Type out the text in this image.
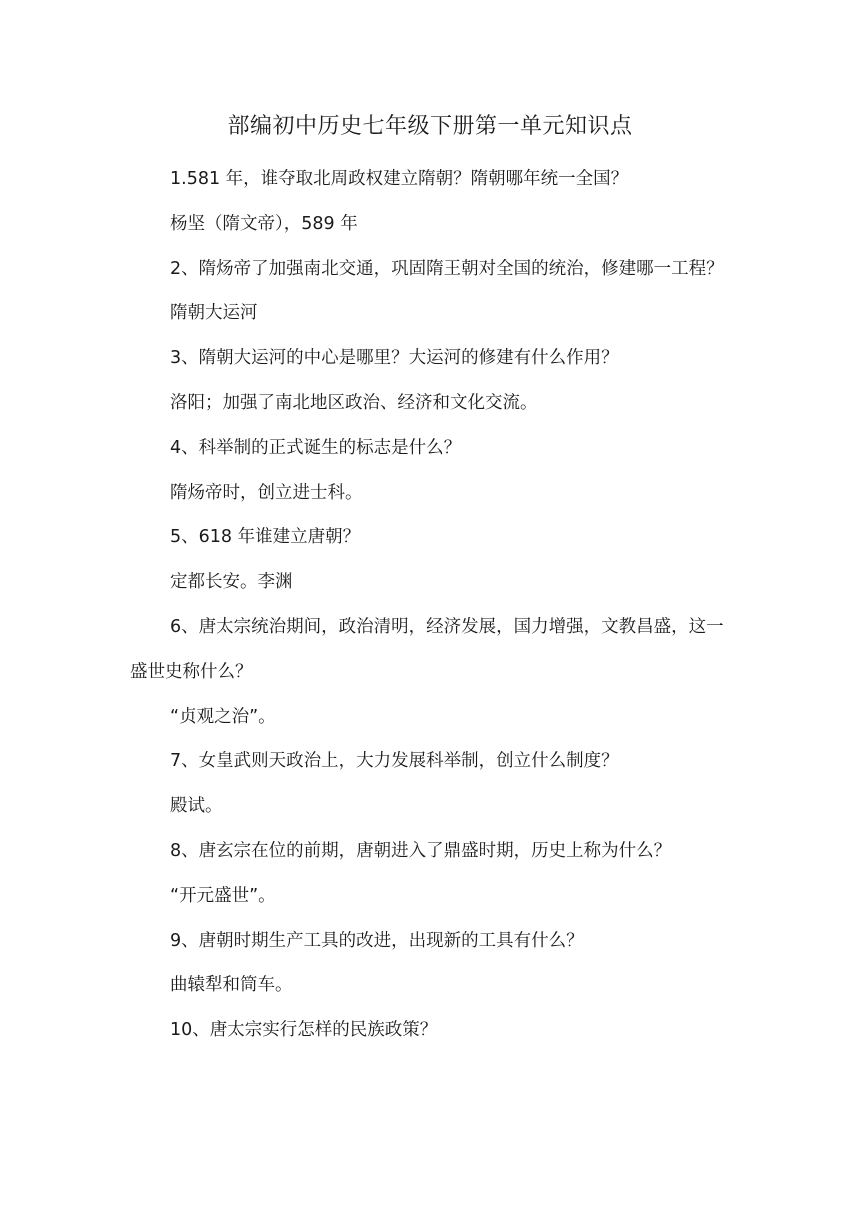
部编初中历史七年级下册第一单元知识点

1.581 年，谁夺取北周政权建立隋朝？隋朝哪年统一全国？

杨坚（隋文帝），589 年

2、隋炀帝了加强南北交通，巩固隋王朝对全国的统治，修建哪一工程？

隋朝大运河

3、隋朝大运河的中心是哪里？大运河的修建有什么作用？

洛阳；加强了南北地区政治、经济和文化交流。

4、科举制的正式诞生的标志是什么？

隋炀帝时，创立进士科。

5、618 年谁建立唐朝？

定都长安。李渊

6、唐太宗统治期间，政治清明，经济发展，国力增强，文教昌盛，这一盛世史称什么？

“贞观之治”。

7、女皇武则天政治上，大力发展科举制，创立什么制度？

殿试。

8、唐玄宗在位的前期，唐朝进入了鼎盛时期，历史上称为什么？

“开元盛世”。

9、唐朝时期生产工具的改进，出现新的工具有什么？

曲辕犁和筒车。

10、唐太宗实行怎样的民族政策？
